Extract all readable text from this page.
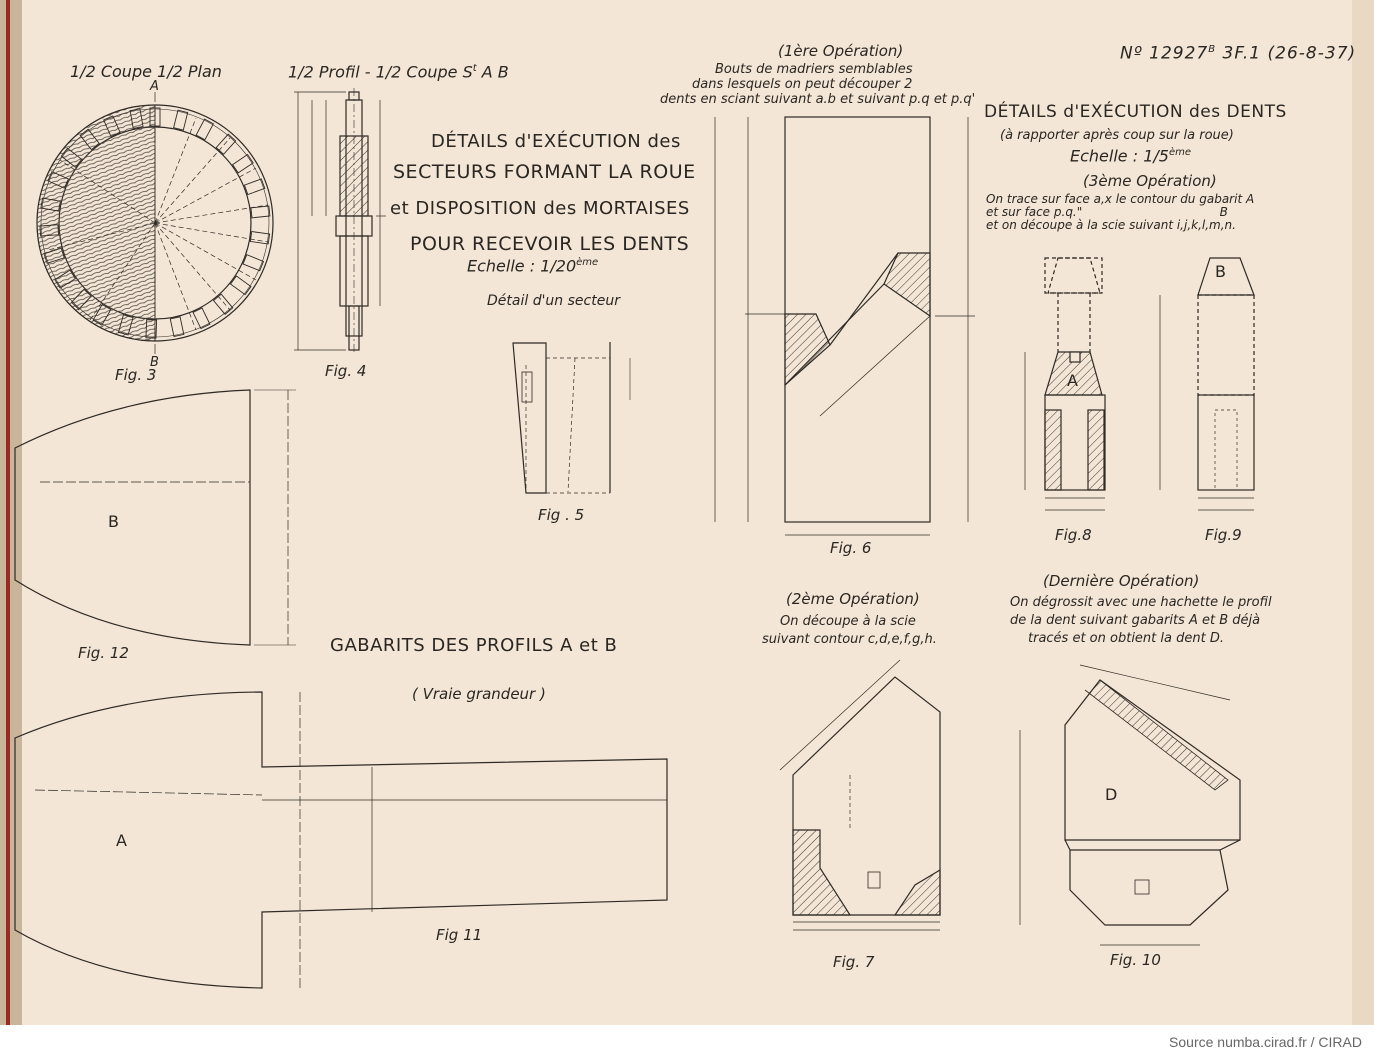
Nº $12927^B$ 3F.1 (26-8-37)
1/2 Coupe 1/2 Plan	1/2 Profil - 1/2 Coupe $S^t$ A B
A
B
Fig. 3	Fig. 4
DÉTAILS d'EXÉCUTION des
SECTEURS FORMANT LA ROUE
et DISPOSITION des MORTAISES
POUR RECEVOIR LES DENTS
Echelle : 1/20ème
Détail d'un secteur
Fig . 5
(1ère Opération)
Bouts de madriers semblables
dans lesquels on peut découper 2
dents en sciant suivant a.b et suivant p.q et p.q'
Fig. 6
DÉTAILS d'EXÉCUTION des DENTS
(à rapporter après coup sur la roue)
Echelle : 1/5ème
(3ème Opération)
On trace sur face a,x le contour du gabarit A
et sur face p.q."                                    B
et on découpe à la scie suivant i,j,k,l,m,n.
A
B
Fig.8	Fig.9
B
Fig. 12	GABARITS DES PROFILS A et B
( Vraie grandeur )
A
Fig 11
(2ème Opération)
On découpe à la scie
suivant contour c,d,e,f,g,h.
Fig. 7
(Dernière Opération)
On dégrossit avec une hachette le profil
de la dent suivant gabarits A et B déjà
tracés et on obtient la dent D.
D
Fig. 10
Source numba.cirad.fr / CIRAD
